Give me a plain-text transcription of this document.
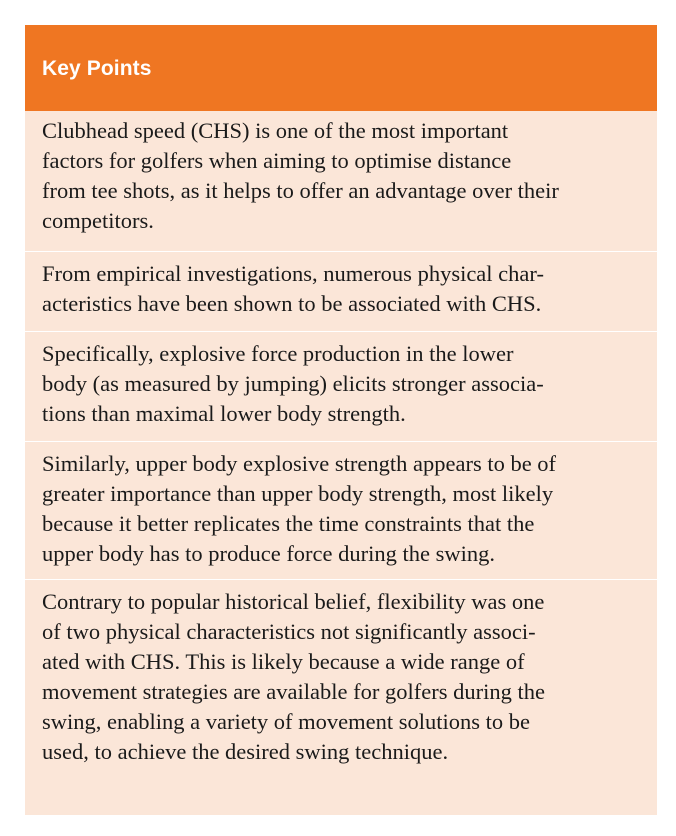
Key Points
Clubhead speed (CHS) is one of the most important
factors for golfers when aiming to optimise distance
from tee shots, as it helps to offer an advantage over their
competitors.
From empirical investigations, numerous physical char-
acteristics have been shown to be associated with CHS.
Specifically, explosive force production in the lower
body (as measured by jumping) elicits stronger associa-
tions than maximal lower body strength.
Similarly, upper body explosive strength appears to be of
greater importance than upper body strength, most likely
because it better replicates the time constraints that the
upper body has to produce force during the swing.
Contrary to popular historical belief, flexibility was one
of two physical characteristics not significantly associ-
ated with CHS. This is likely because a wide range of
movement strategies are available for golfers during the
swing, enabling a variety of movement solutions to be
used, to achieve the desired swing technique.
